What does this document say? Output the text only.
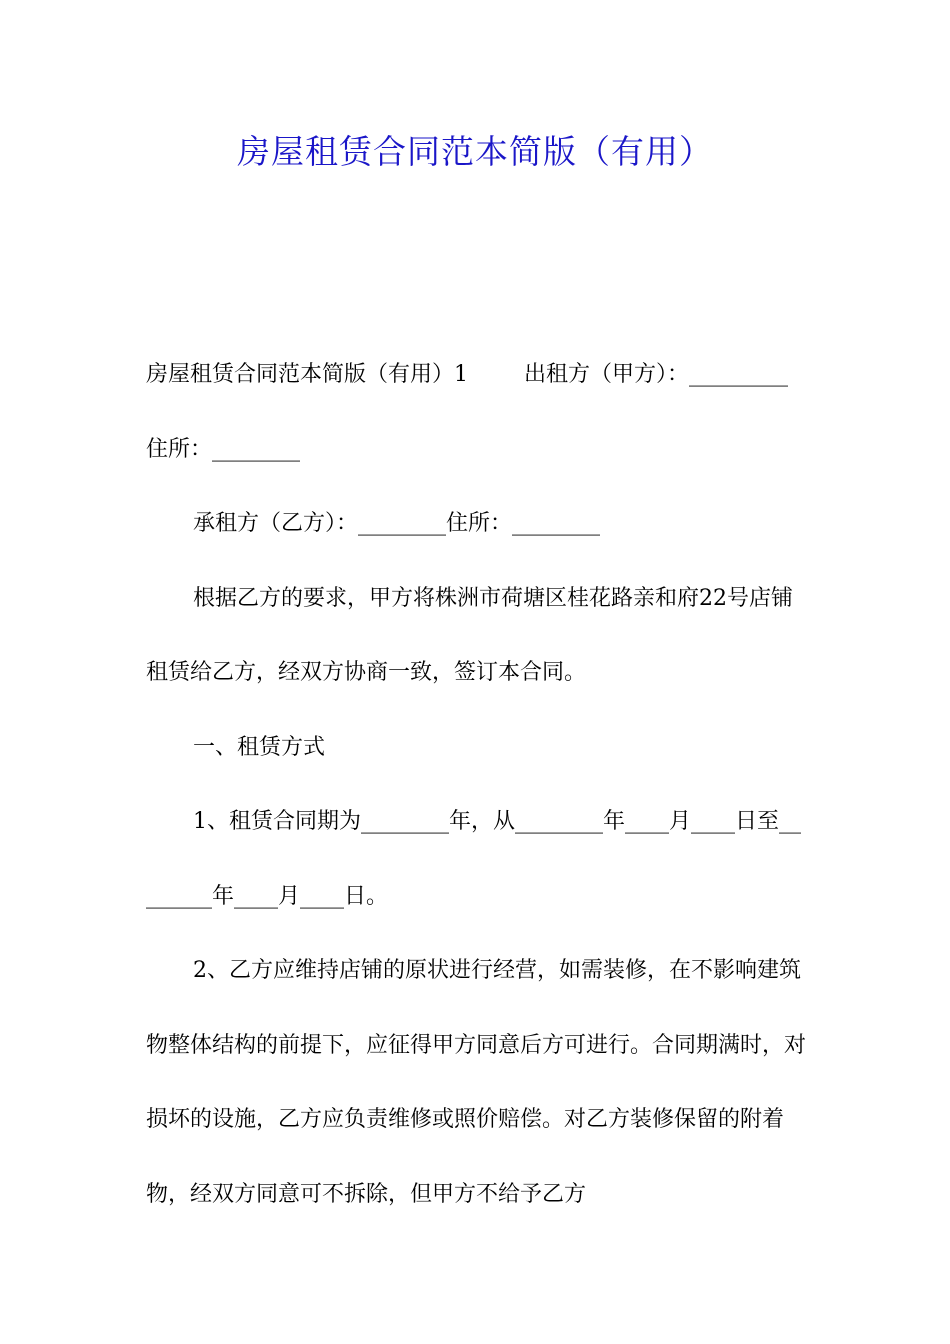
房屋租赁合同范本简版（有用）

房屋租赁合同范本简版（有用）1	出租方（甲方）：_________住所：________

承租方（乙方）：________住所：________

根据乙方的要求，甲方将株洲市荷塘区桂花路亲和府22号店铺租赁给乙方，经双方协商一致，签订本合同。

一、租赁方式

1、租赁合同期为________年，从________年____月____日至________年____月____日。

2、乙方应维持店铺的原状进行经营，如需装修，在不影响建筑物整体结构的前提下，应征得甲方同意后方可进行。合同期满时，对损坏的设施，乙方应负责维修或照价赔偿。对乙方装修保留的附着物，经双方同意可不拆除，但甲方不给予乙方
